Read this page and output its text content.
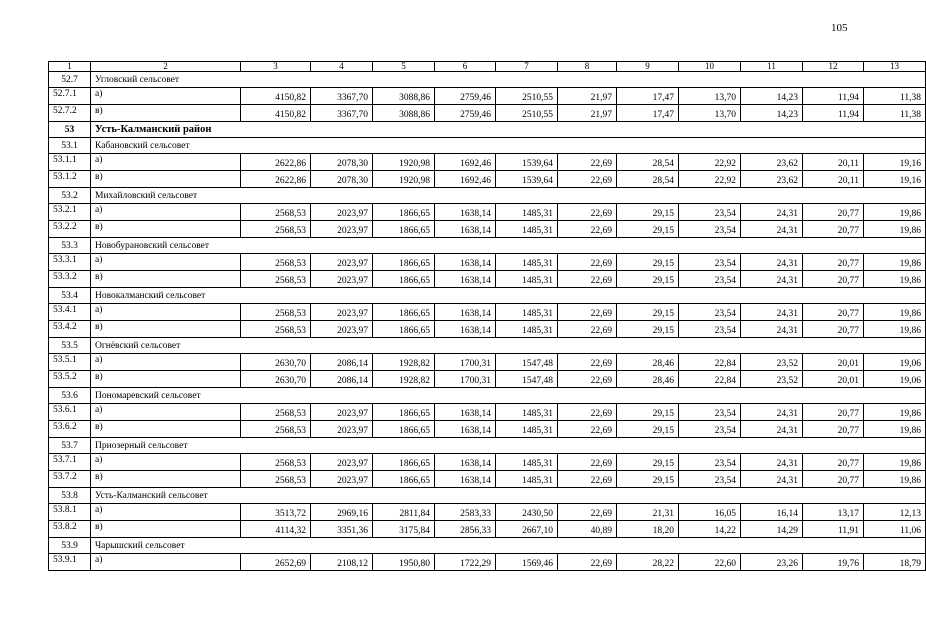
105
1	2	3	4	5	6	7	8	9	10	11	12	13
52.7	Угловский сельсовет											
52.7.1	а)	4150,82	3367,70	3088,86	2759,46	2510,55	21,97	17,47	13,70	14,23	11,94	11,38
52.7.2	в)	4150,82	3367,70	3088,86	2759,46	2510,55	21,97	17,47	13,70	14,23	11,94	11,38
53	Усть-Калманский район											
53.1	Кабановский сельсовет											
53.1.1	а)	2622,86	2078,30	1920,98	1692,46	1539,64	22,69	28,54	22,92	23,62	20,11	19,16
53.1.2	в)	2622,86	2078,30	1920,98	1692,46	1539,64	22,69	28,54	22,92	23,62	20,11	19,16
53.2	Михайловский сельсовет											
53.2.1	а)	2568,53	2023,97	1866,65	1638,14	1485,31	22,69	29,15	23,54	24,31	20,77	19,86
53.2.2	в)	2568,53	2023,97	1866,65	1638,14	1485,31	22,69	29,15	23,54	24,31	20,77	19,86
53.3	Новобурановский сельсовет											
53.3.1	а)	2568,53	2023,97	1866,65	1638,14	1485,31	22,69	29,15	23,54	24,31	20,77	19,86
53.3.2	в)	2568,53	2023,97	1866,65	1638,14	1485,31	22,69	29,15	23,54	24,31	20,77	19,86
53.4	Новокалманский сельсовет											
53.4.1	а)	2568,53	2023,97	1866,65	1638,14	1485,31	22,69	29,15	23,54	24,31	20,77	19,86
53.4.2	в)	2568,53	2023,97	1866,65	1638,14	1485,31	22,69	29,15	23,54	24,31	20,77	19,86
53.5	Огнёвский сельсовет											
53.5.1	а)	2630,70	2086,14	1928,82	1700,31	1547,48	22,69	28,46	22,84	23,52	20,01	19,06
53.5.2	в)	2630,70	2086,14	1928,82	1700,31	1547,48	22,69	28,46	22,84	23,52	20,01	19,06
53.6	Пономаревский сельсовет											
53.6.1	а)	2568,53	2023,97	1866,65	1638,14	1485,31	22,69	29,15	23,54	24,31	20,77	19,86
53.6.2	в)	2568,53	2023,97	1866,65	1638,14	1485,31	22,69	29,15	23,54	24,31	20,77	19,86
53.7	Приозерный сельсовет											
53.7.1	а)	2568,53	2023,97	1866,65	1638,14	1485,31	22,69	29,15	23,54	24,31	20,77	19,86
53.7.2	в)	2568,53	2023,97	1866,65	1638,14	1485,31	22,69	29,15	23,54	24,31	20,77	19,86
53.8	Усть-Калманский сельсовет											
53.8.1	а)	3513,72	2969,16	2811,84	2583,33	2430,50	22,69	21,31	16,05	16,14	13,17	12,13
53.8.2	в)	4114,32	3351,36	3175,84	2856,33	2667,10	40,89	18,20	14,22	14,29	11,91	11,06
53.9	Чарышский сельсовет											
53.9.1	а)	2652,69	2108,12	1950,80	1722,29	1569,46	22,69	28,22	22,60	23,26	19,76	18,79
